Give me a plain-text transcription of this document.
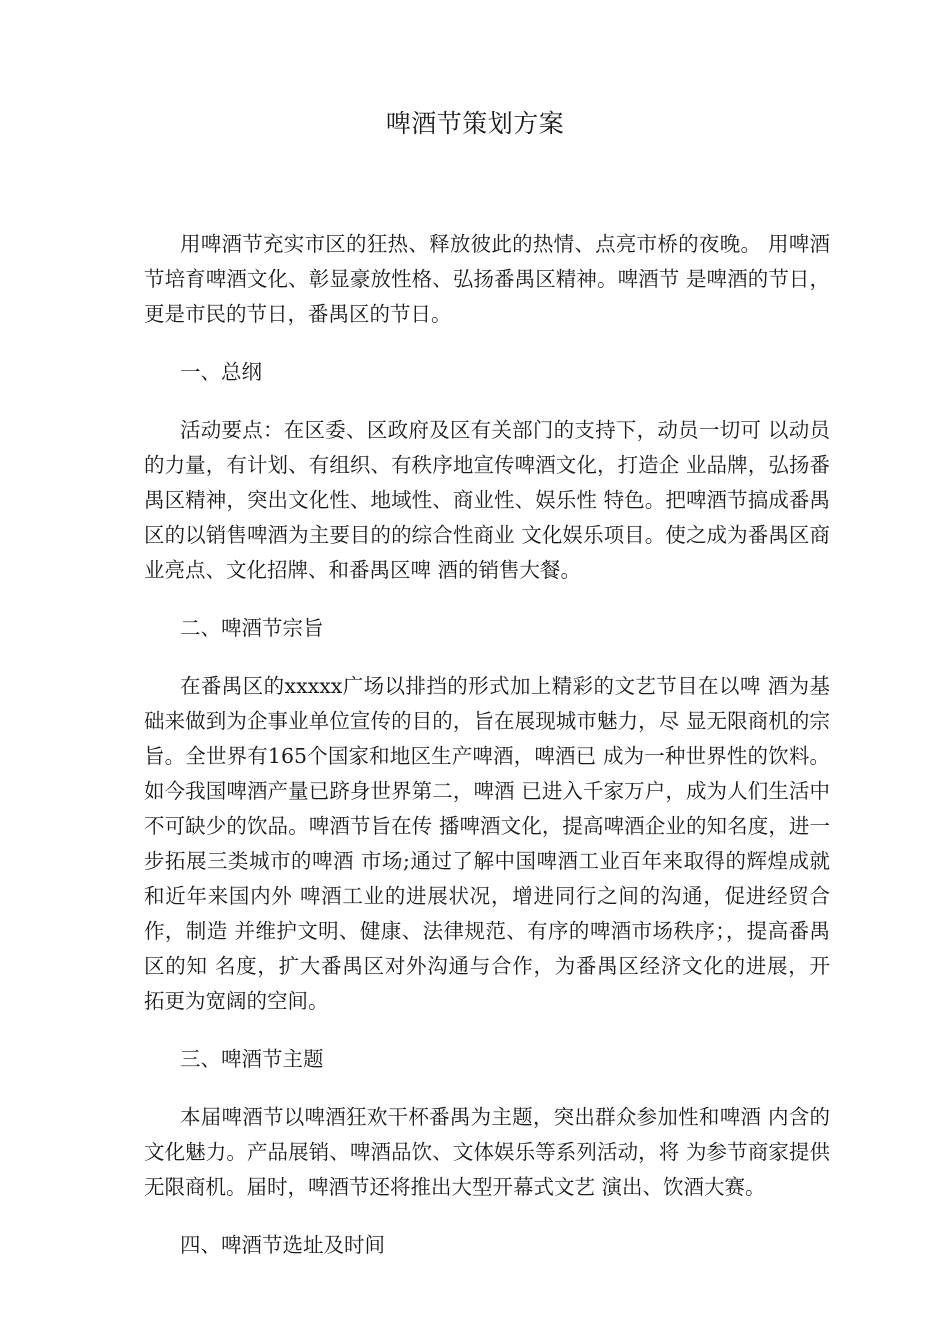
啤酒节策划方案

用啤酒节充实市区的狂热、释放彼此的热情、点亮市桥的夜晚。 用啤酒节培育啤酒文化、彰显豪放性格、弘扬番禺区精神。啤酒节 是啤酒的节日，更是市民的节日，番禺区的节日。

一、总纲

活动要点：在区委、区政府及区有关部门的支持下，动员一切可 以动员的力量，有计划、有组织、有秩序地宣传啤酒文化，打造企 业品牌，弘扬番禺区精神，突出文化性、地域性、商业性、娱乐性 特色。把啤酒节搞成番禺区的以销售啤酒为主要目的的综合性商业 文化娱乐项目。使之成为番禺区商业亮点、文化招牌、和番禺区啤 酒的销售大餐。

二、啤酒节宗旨

在番禺区的xxxxx广场以排挡的形式加上精彩的文艺节目在以啤 酒为基础来做到为企事业单位宣传的目的，旨在展现城市魅力，尽 显无限商机的宗旨。全世界有165个国家和地区生产啤酒，啤酒已 成为一种世界性的饮料。如今我国啤酒产量已跻身世界第二，啤酒 已进入千家万户，成为人们生活中不可缺少的饮品。啤酒节旨在传 播啤酒文化，提高啤酒企业的知名度，进一步拓展三类城市的啤酒 市场;通过了解中国啤酒工业百年来取得的辉煌成就和近年来国内外 啤酒工业的进展状况，增进同行之间的沟通，促进经贸合作，制造 并维护文明、健康、法律规范、有序的啤酒市场秩序；，提高番禺区的知 名度，扩大番禺区对外沟通与合作，为番禺区经济文化的进展，开 拓更为宽阔的空间。

三、啤酒节主题

本届啤酒节以啤酒狂欢干杯番禺为主题，突出群众参加性和啤酒 内含的文化魅力。产品展销、啤酒品饮、文体娱乐等系列活动，将 为参节商家提供无限商机。届时，啤酒节还将推出大型开幕式文艺 演出、饮酒大赛。

四、啤酒节选址及时间
